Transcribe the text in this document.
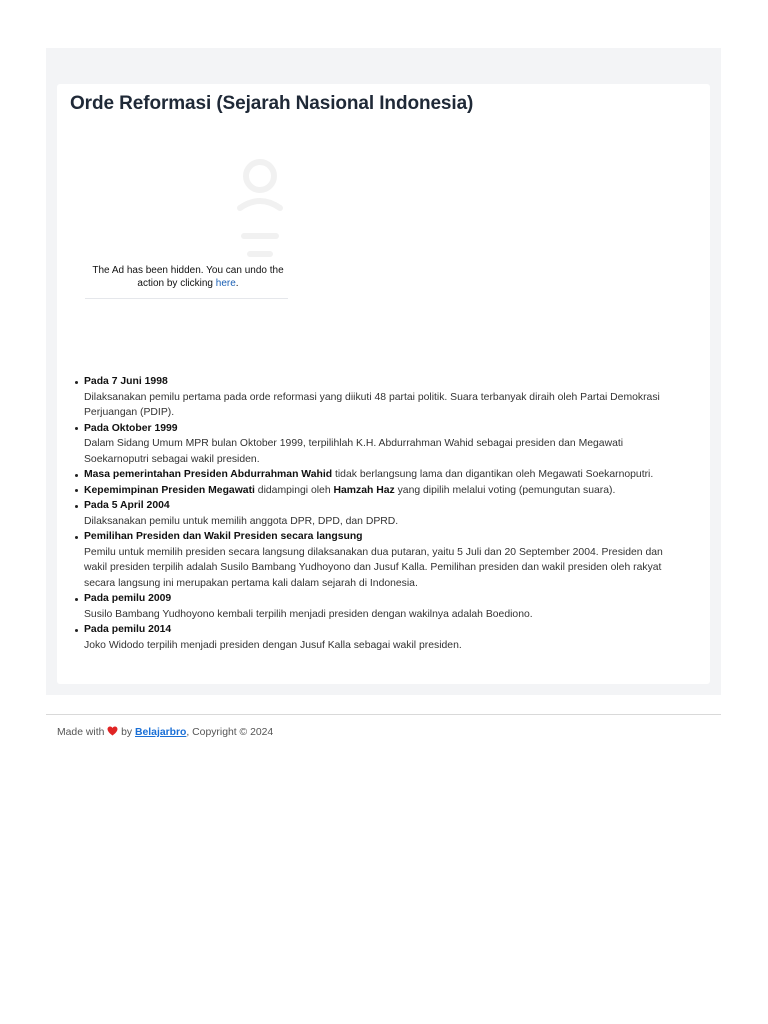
Orde Reformasi (Sejarah Nasional Indonesia)
The Ad has been hidden. You can undo the action by clicking here.
Pada 7 Juni 1998
Dilaksanakan pemilu pertama pada orde reformasi yang diikuti 48 partai politik. Suara terbanyak diraih oleh Partai Demokrasi Perjuangan (PDIP).
Pada Oktober 1999
Dalam Sidang Umum MPR bulan Oktober 1999, terpilihlah K.H. Abdurrahman Wahid sebagai presiden dan Megawati Soekarnoputri sebagai wakil presiden.
Masa pemerintahan Presiden Abdurrahman Wahid tidak berlangsung lama dan digantikan oleh Megawati Soekarnoputri.
Kepemimpinan Presiden Megawati didampingi oleh Hamzah Haz yang dipilih melalui voting (pemungutan suara).
Pada 5 April 2004
Dilaksanakan pemilu untuk memilih anggota DPR, DPD, dan DPRD.
Pemilihan Presiden dan Wakil Presiden secara langsung
Pemilu untuk memilih presiden secara langsung dilaksanakan dua putaran, yaitu 5 Juli dan 20 September 2004. Presiden dan wakil presiden terpilih adalah Susilo Bambang Yudhoyono dan Jusuf Kalla. Pemilihan presiden dan wakil presiden oleh rakyat secara langsung ini merupakan pertama kali dalam sejarah di Indonesia.
Pada pemilu 2009
Susilo Bambang Yudhoyono kembali terpilih menjadi presiden dengan wakilnya adalah Boediono.
Pada pemilu 2014
Joko Widodo terpilih menjadi presiden dengan Jusuf Kalla sebagai wakil presiden.
Made with  by Belajarbro, Copyright © 2024
